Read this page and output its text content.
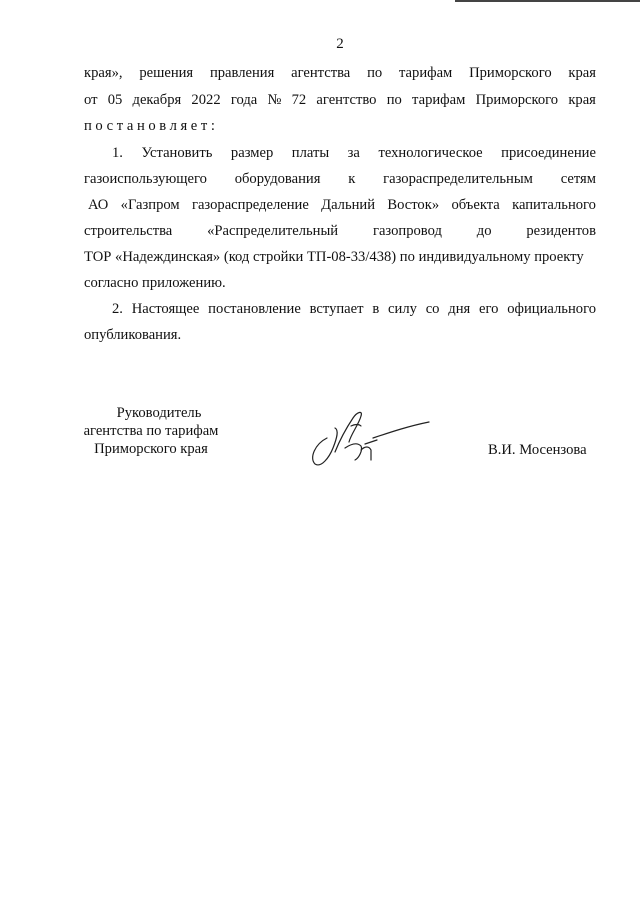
2
края», решения правления агентства по тарифам Приморского края
от 05 декабря 2022 года № 72 агентство по тарифам Приморского края
постановляет:
1. Установить размер платы за технологическое присоединение
газоиспользующего оборудования к газораспределительным сетям
АО «Газпром газораспределение Дальний Восток» объекта капитального
строительства «Распределительный газопровод до резидентов
ТОР «Надеждинская» (код стройки ТП-08-33/438) по индивидуальному проекту
согласно приложению.
2. Настоящее постановление вступает в силу со дня его официального
опубликования.
Руководитель
агентства по тарифам
Приморского края	В.И. Мосензова
